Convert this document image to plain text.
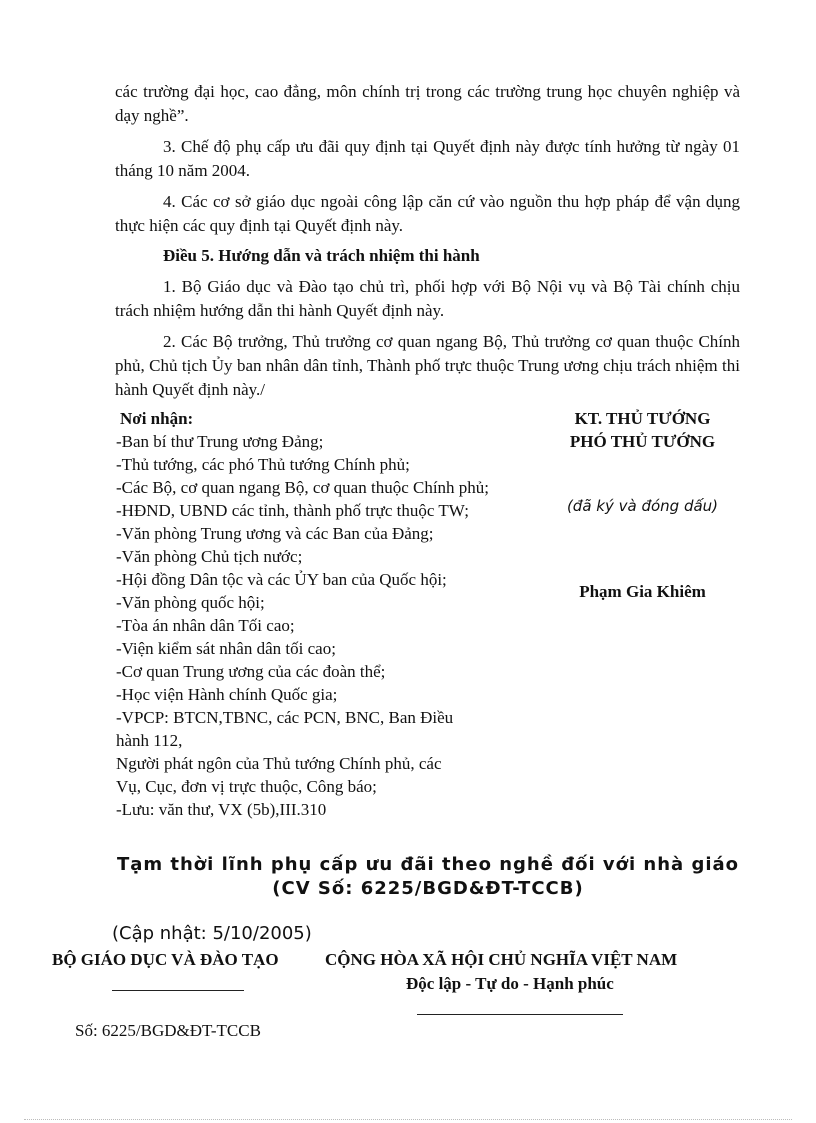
các trường đại học, cao đẳng, môn chính trị trong các trường trung học chuyên nghiệp và dạy nghề”.

3. Chế độ phụ cấp ưu đãi quy định tại Quyết định này được tính hưởng từ ngày 01 tháng 10 năm 2004.

4. Các cơ sở giáo dục ngoài công lập căn cứ vào nguồn thu hợp pháp để vận dụng thực hiện các quy định tại Quyết định này.

Điều 5. Hướng dẫn và trách nhiệm thi hành

1. Bộ Giáo dục và Đào tạo chủ trì, phối hợp với Bộ Nội vụ và Bộ Tài chính chịu trách nhiệm hướng dẫn thi hành Quyết định này.

2. Các Bộ trưởng, Thủ trưởng cơ quan ngang Bộ, Thủ trưởng cơ quan thuộc Chính phủ, Chủ tịch Ủy ban nhân dân tỉnh, Thành phố trực thuộc Trung ương chịu trách nhiệm thi hành Quyết định này./

Nơi nhận:

-Ban bí thư Trung ương Đảng;

-Thủ tướng, các phó Thủ tướng Chính phủ;

-Các Bộ, cơ quan ngang Bộ, cơ quan thuộc Chính phủ;

-HĐND, UBND các tỉnh, thành phố trực thuộc TW;

-Văn phòng Trung ương và các Ban của Đảng;

-Văn phòng Chủ tịch nước;

-Hội đồng Dân tộc và các ỦY ban của Quốc hội;

-Văn phòng quốc hội;

-Tòa án nhân dân Tối cao;

-Viện kiểm sát nhân dân tối cao;

-Cơ quan Trung ương của các đoàn thể;

-Học viện Hành chính Quốc gia;

-VPCP: BTCN,TBNC, các PCN, BNC, Ban Điều

hành 112,

Người phát ngôn của Thủ tướng Chính phủ, các

Vụ, Cục, đơn vị trực thuộc, Công báo;

-Lưu: văn thư, VX (5b),III.310

KT. THỦ TƯỚNG

PHÓ THỦ TƯỚNG

(đã ký và đóng dấu)

Phạm Gia Khiêm

Tạm thời lĩnh phụ cấp ưu đãi theo nghề đối với nhà giáo

(CV Số: 6225/BGD&ĐT-TCCB)

(Cập nhật: 5/10/2005)

BỘ GIÁO DỤC VÀ ĐÀO TẠO	CỘNG HÒA XÃ HỘI CHỦ NGHĨA VIỆT NAM

Độc lập - Tự do - Hạnh phúc

Số: 6225/BGD&ĐT-TCCB
